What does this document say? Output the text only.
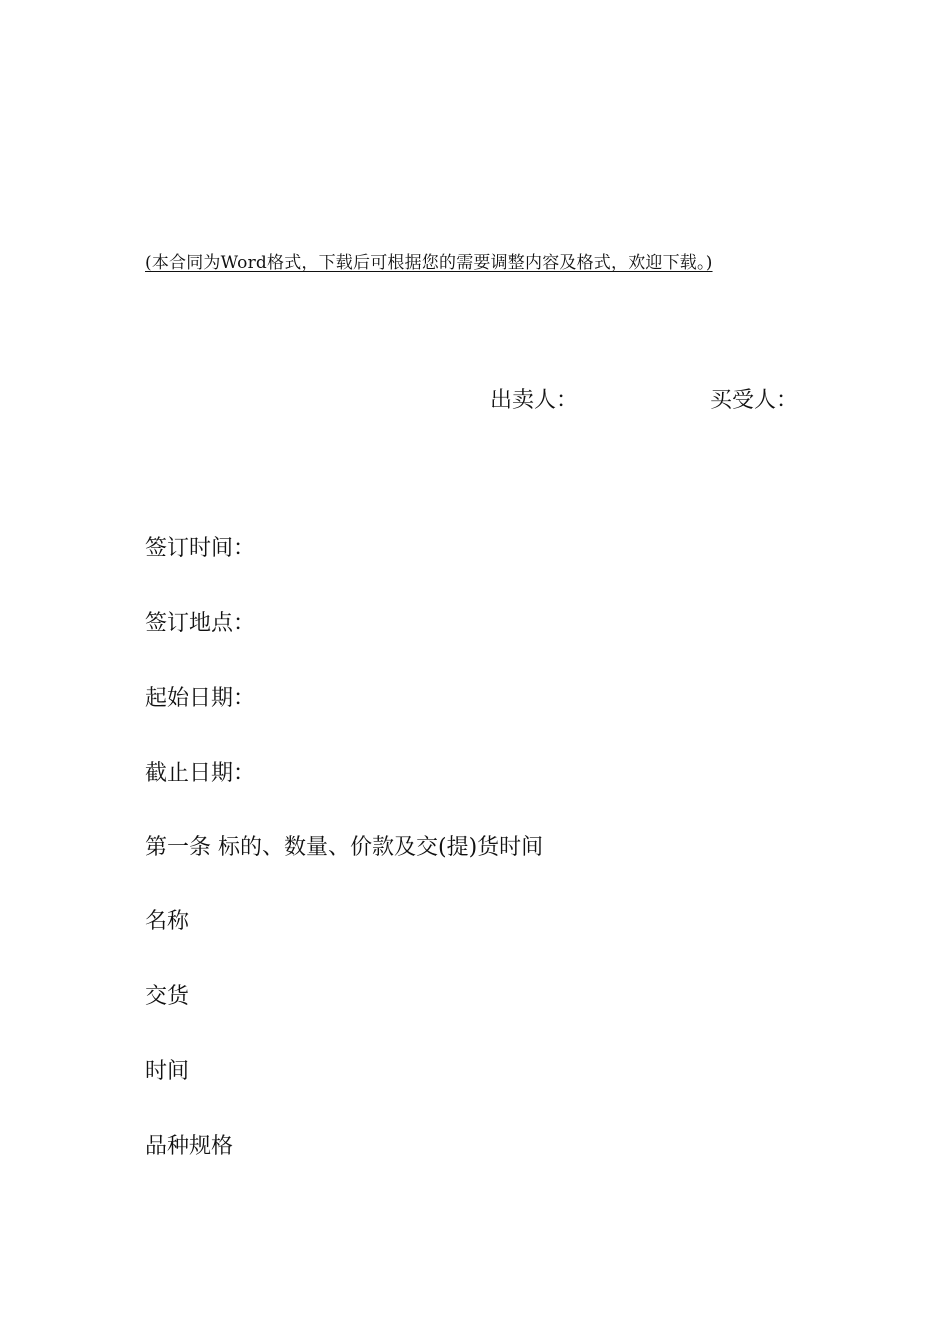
(本合同为Word格式，下载后可根据您的需要调整内容及格式，欢迎下载。)
出卖人：	买受人：
签订时间：
签订地点：
起始日期：
截止日期：
第一条 标的、数量、价款及交(提)货时间
名称
交货
时间
品种规格
